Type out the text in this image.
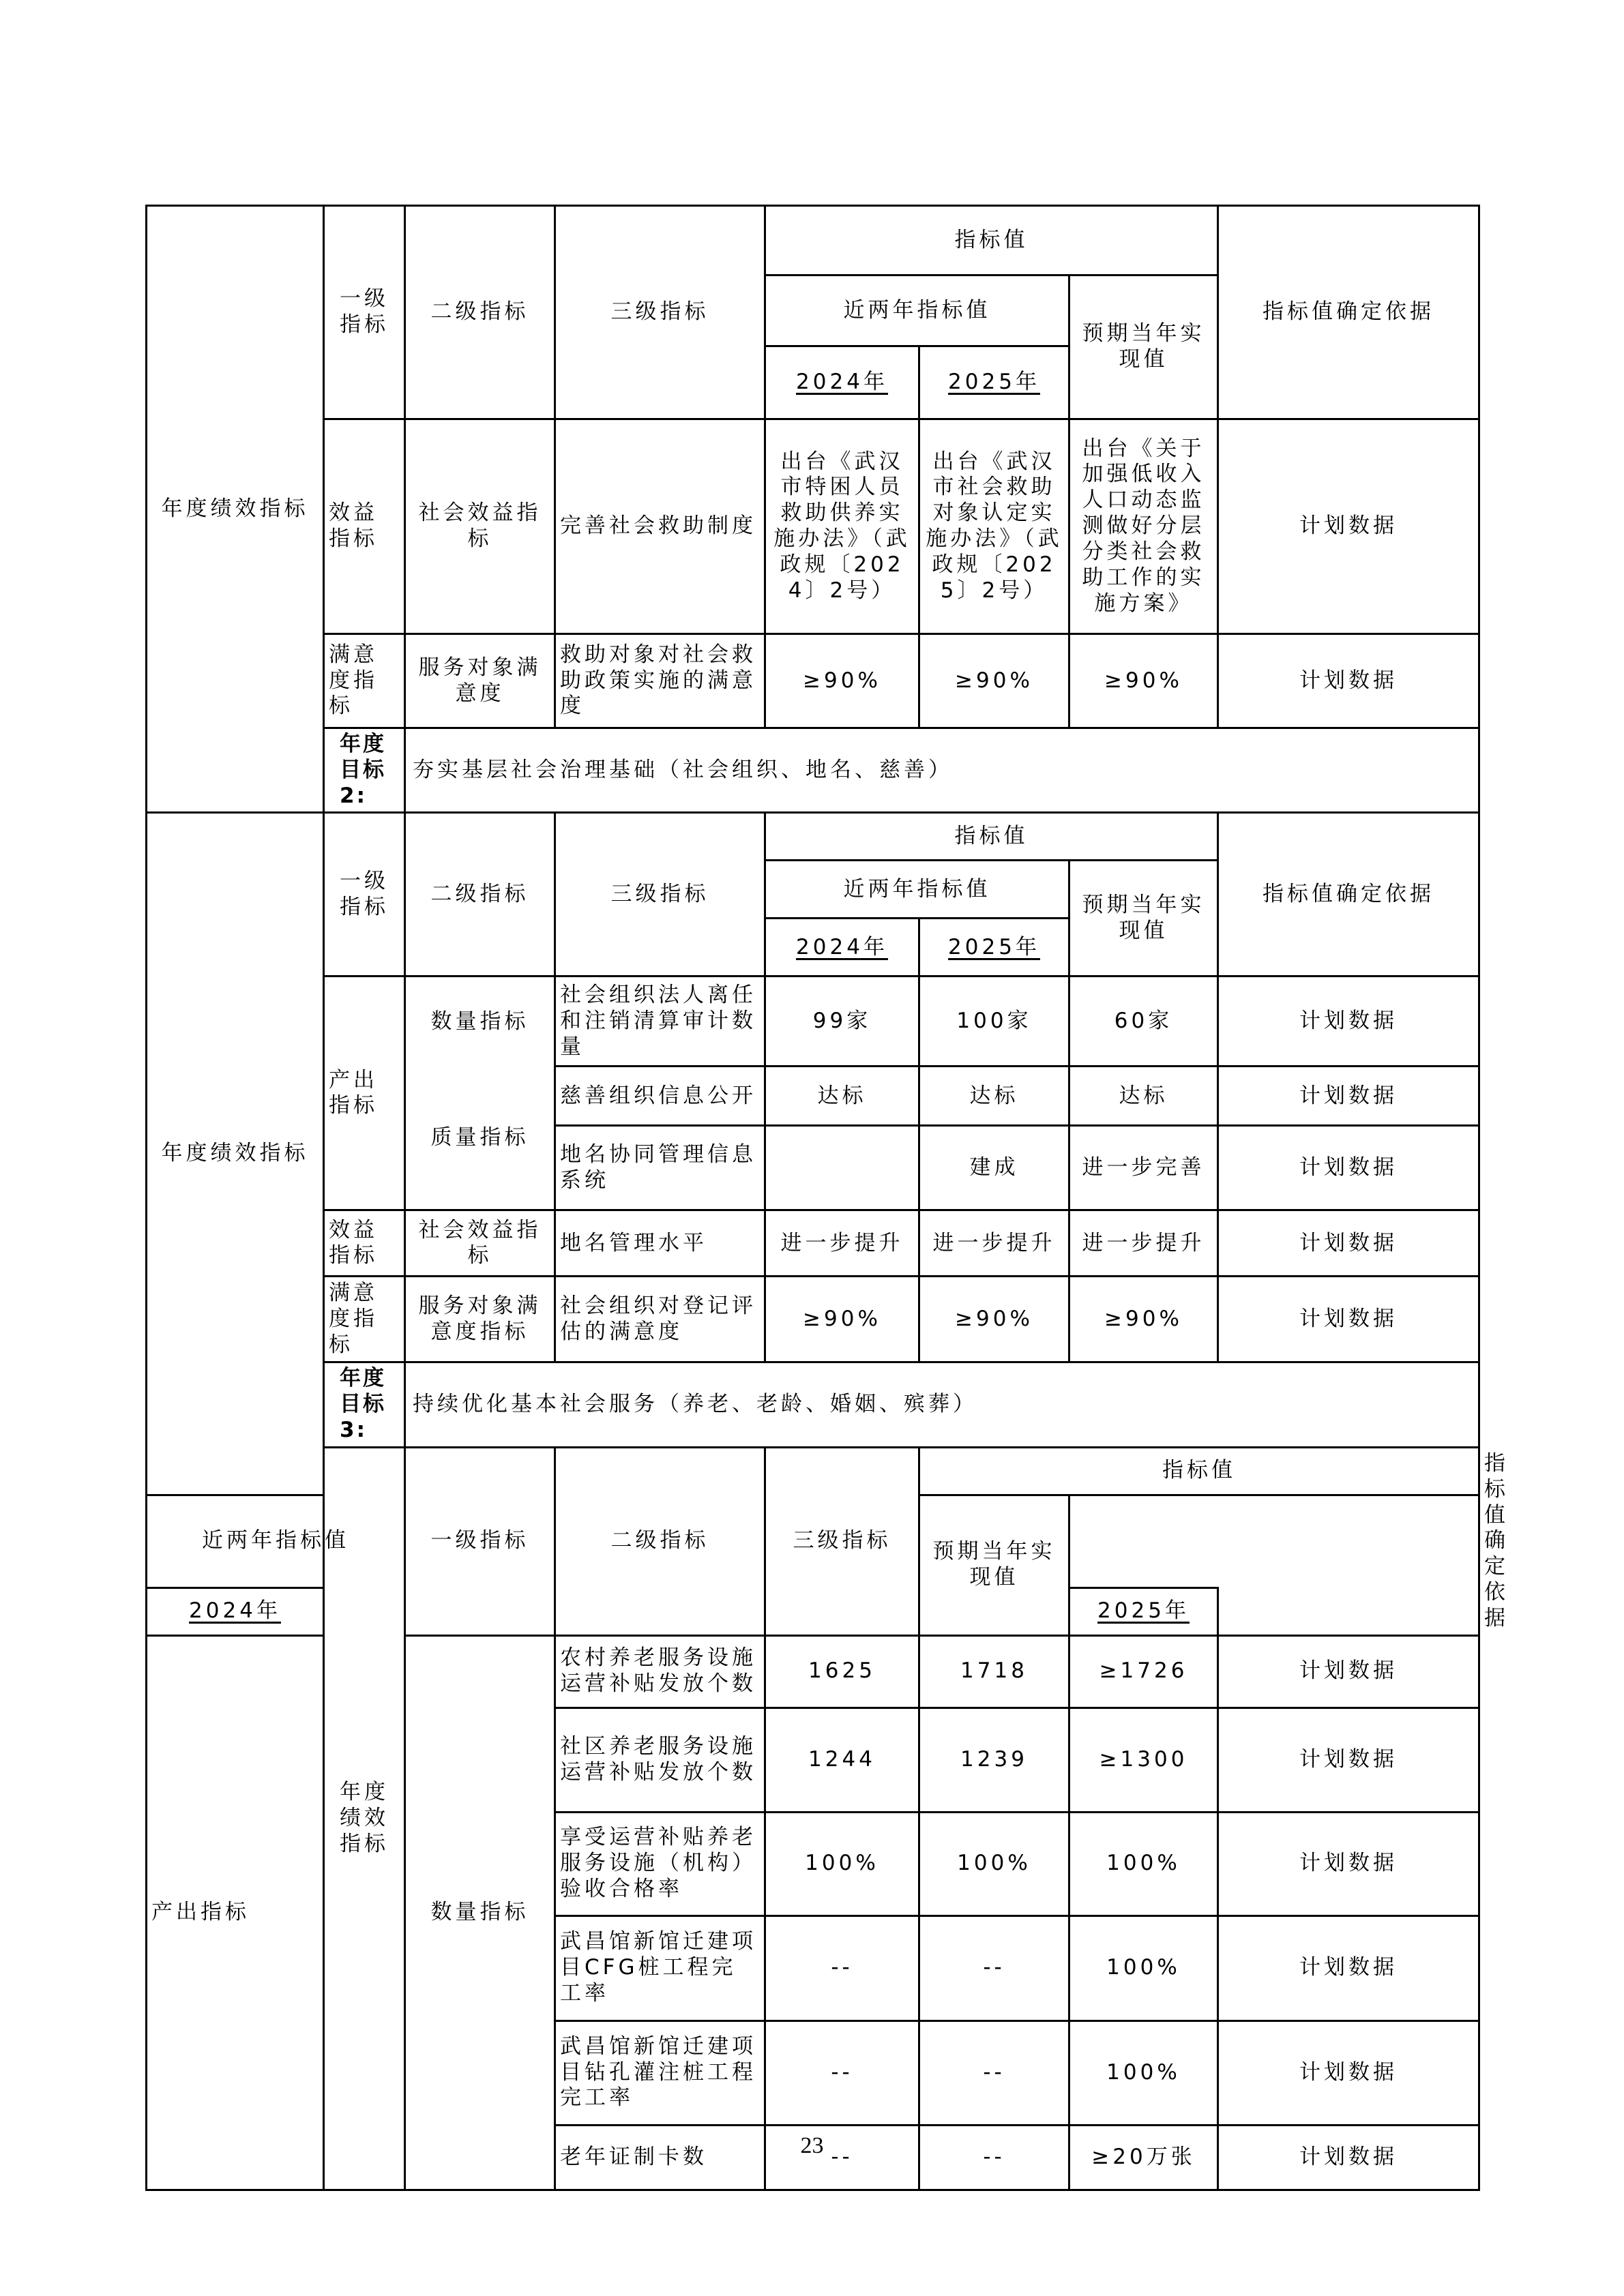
年度绩效指标	一级指标	二级指标	三级指标	指标值			指标值确定依据	
				近两年指标值		预期当年实现值		
				2024年	2025年			
	效益指标	社会效益指标	完善社会救助制度	出台《武汉市特困人员救助供养实施办法》（武政规〔2024〕2号）	出台《武汉市社会救助对象认定实施办法》（武政规〔2025〕2号）	出台《关于加强低收入人口动态监测做好分层分类社会救助工作的实施方案》	计划数据	
	满意度指标	服务对象满意度	救助对象对社会救助政策实施的满意度	≥90%	≥90%	≥90%	计划数据	
	年度目标2:	夯实基层社会治理基础（社会组织、地名、慈善）						
年度绩效指标	一级指标	二级指标	三级指标	指标值			指标值确定依据	
				近两年指标值		预期当年实现值		
				2024年	2025年			
	产出指标	数量指标	社会组织法人离任和注销清算审计数量	99家	100家	60家	计划数据	
		质量指标	慈善组织信息公开	达标	达标	达标	计划数据	
			地名协同管理信息系统		建成	进一步完善	计划数据	
	效益指标	社会效益指标	地名管理水平	进一步提升	进一步提升	进一步提升	计划数据	
	满意度指标	服务对象满意度指标	社会组织对登记评估的满意度	≥90%	≥90%	≥90%	计划数据	
	年度目标3:	持续优化基本社会服务（养老、老龄、婚姻、殡葬）						
	年度绩效指标	一级指标	二级指标	三级指标	指标值			指标值确定依据
近两年指标值					预期当年实现值			
2024年						2025年		
产出指标		数量指标	农村养老服务设施运营补贴发放个数	1625	1718	≥1726	计划数据	
			社区养老服务设施运营补贴发放个数	1244	1239	≥1300	计划数据	
			享受运营补贴养老服务设施（机构）验收合格率	100%	100%	100%	计划数据	
			武昌馆新馆迁建项目CFG桩工程完工率	--	--	100%	计划数据	
			武昌馆新馆迁建项目钻孔灌注桩工程完工率	--	--	100%	计划数据	
			老年证制卡数	--	--	≥20万张	计划数据	
23
